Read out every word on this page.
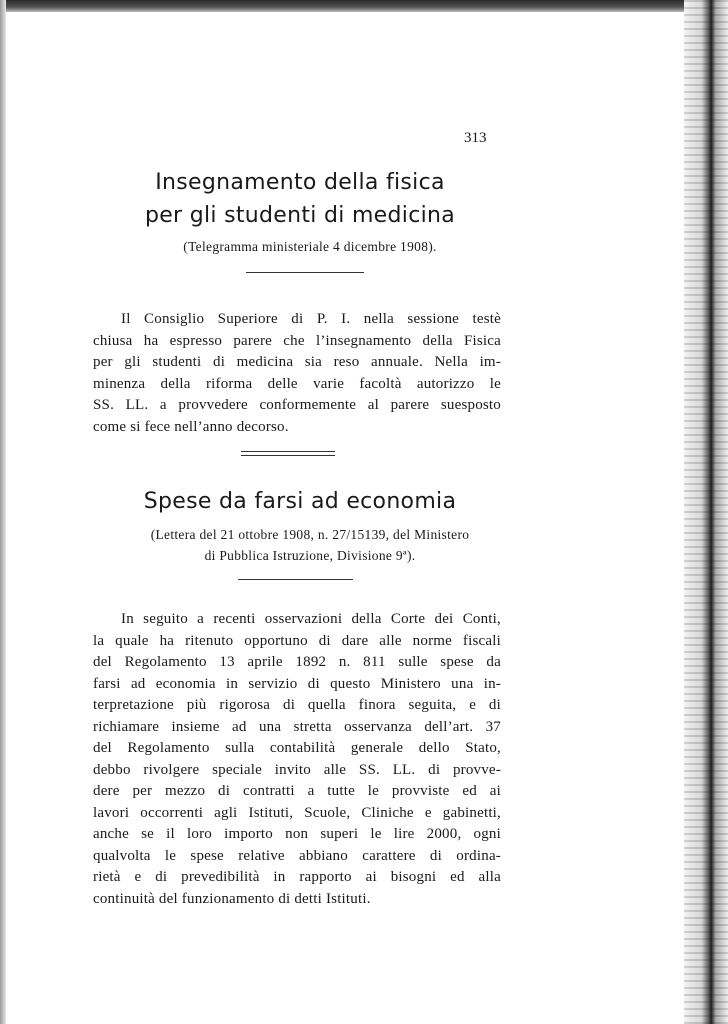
313
Insegnamento della fisica
per gli studenti di medicina
(Telegramma ministeriale 4 dicembre 1908).
Il Consiglio Superiore di P. I. nella sessione testè
chiusa ha espresso parere che l’insegnamento della Fisica
per gli studenti di medicina sia reso annuale. Nella im-
minenza della riforma delle varie facoltà autorizzo le
SS. LL. a provvedere conformemente al parere suesposto
come si fece nell’anno decorso.
Spese da farsi ad economia
(Lettera del 21 ottobre 1908, n. 27/15139, del Ministero
di Pubblica Istruzione, Divisione 9ª).
In seguito a recenti osservazioni della Corte dei Conti,
la quale ha ritenuto opportuno di dare alle norme fiscali
del Regolamento 13 aprile 1892 n. 811 sulle spese da
farsi ad economia in servizio di questo Ministero una in-
terpretazione più rigorosa di quella finora seguita, e di
richiamare insieme ad una stretta osservanza dell’art. 37
del Regolamento sulla contabilità generale dello Stato,
debbo rivolgere speciale invito alle SS. LL. di provve-
dere per mezzo di contratti a tutte le provviste ed ai
lavori occorrenti agli Istituti, Scuole, Cliniche e gabinetti,
anche se il loro importo non superi le lire 2000, ogni
qualvolta le spese relative abbiano carattere di ordina-
rietà e di prevedibilità in rapporto ai bisogni ed alla
continuità del funzionamento di detti Istituti.
